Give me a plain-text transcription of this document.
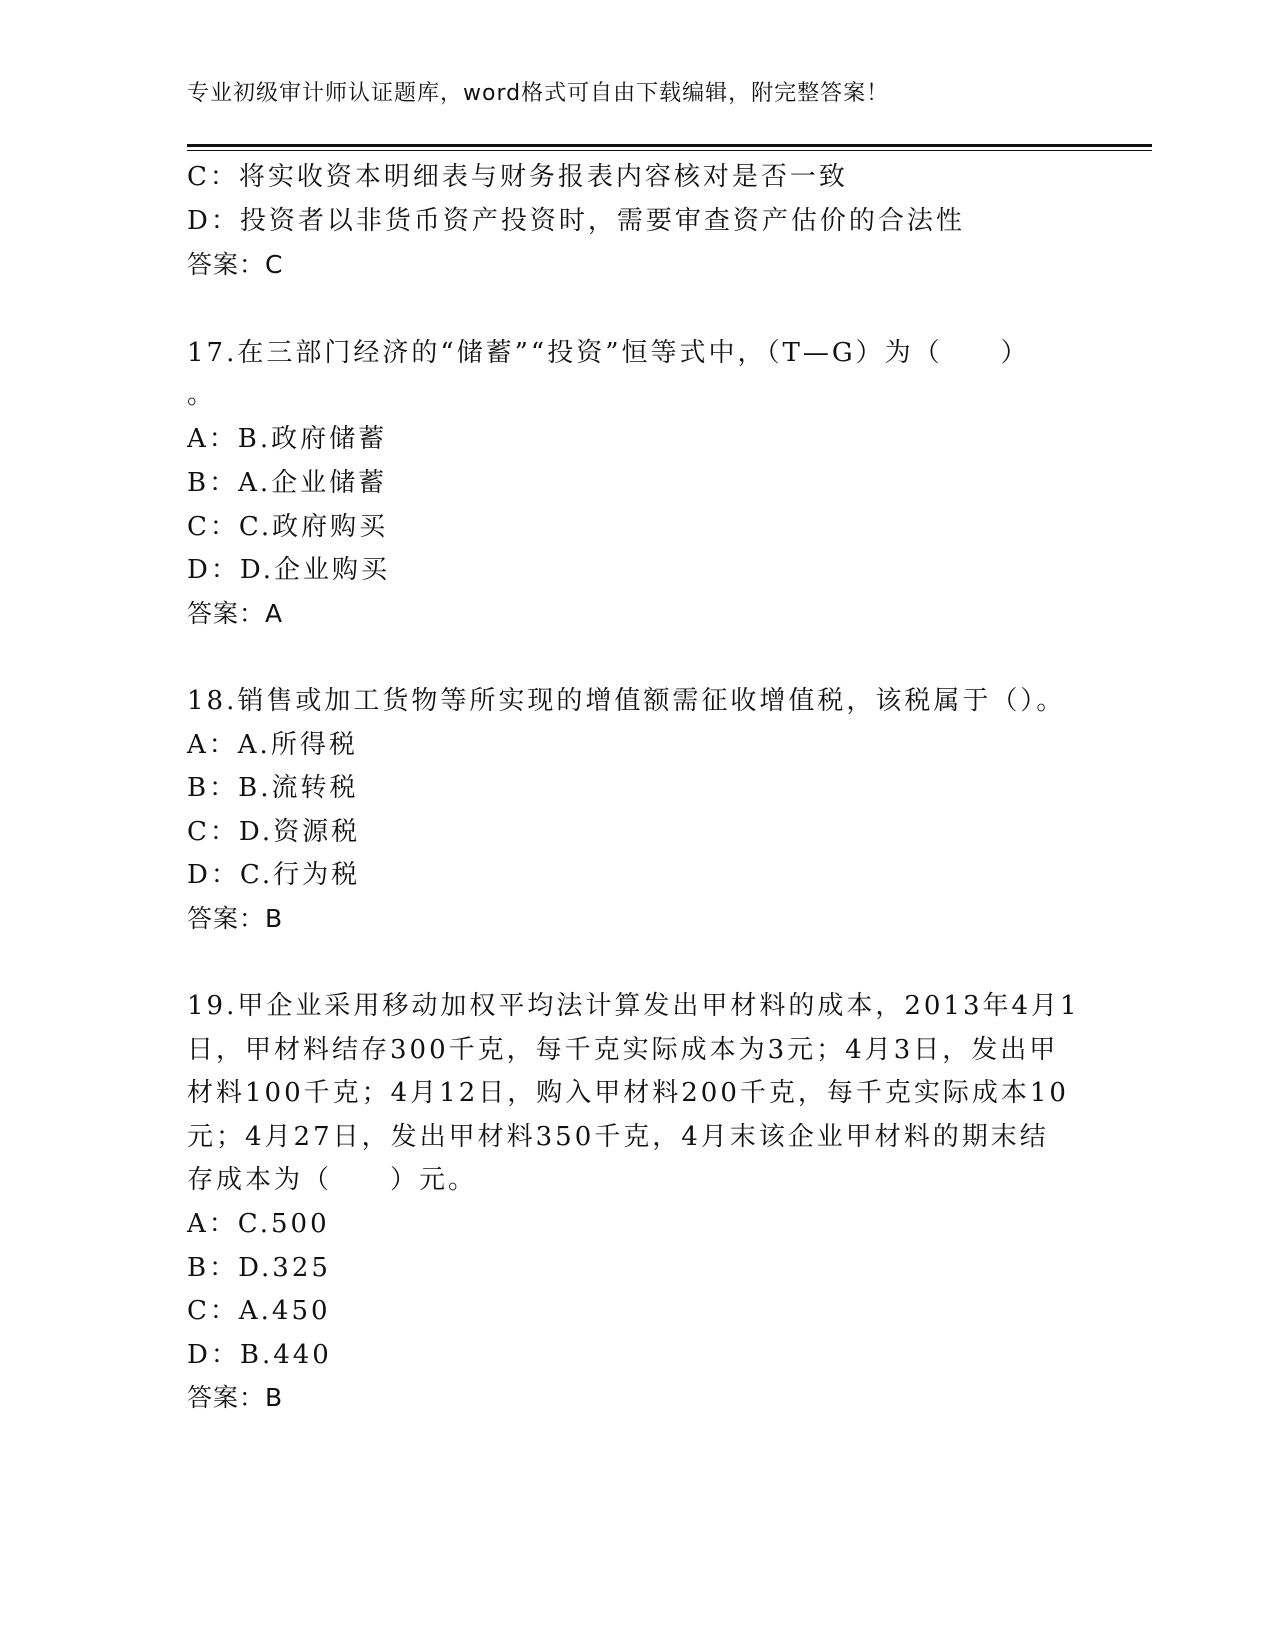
专业初级审计师认证题库，word格式可自由下载编辑，附完整答案！
C：将实收资本明细表与财务报表内容核对是否一致
D：投资者以非货币资产投资时，需要审查资产估价的合法性
答案：C
17.在三部门经济的“储蓄”“投资”恒等式中，（T—G）为（　　）
。
A：B.政府储蓄
B：A.企业储蓄
C：C.政府购买
D：D.企业购买
答案：A
18.销售或加工货物等所实现的增值额需征收增值税，该税属于（）。
A：A.所得税
B：B.流转税
C：D.资源税
D：C.行为税
答案：B
19.甲企业采用移动加权平均法计算发出甲材料的成本，2013年4月1
日，甲材料结存300千克，每千克实际成本为3元；4月3日，发出甲
材料100千克；4月12日，购入甲材料200千克，每千克实际成本10
元；4月27日，发出甲材料350千克，4月末该企业甲材料的期末结
存成本为（　　）元。
A：C.500
B：D.325
C：A.450
D：B.440
答案：B
